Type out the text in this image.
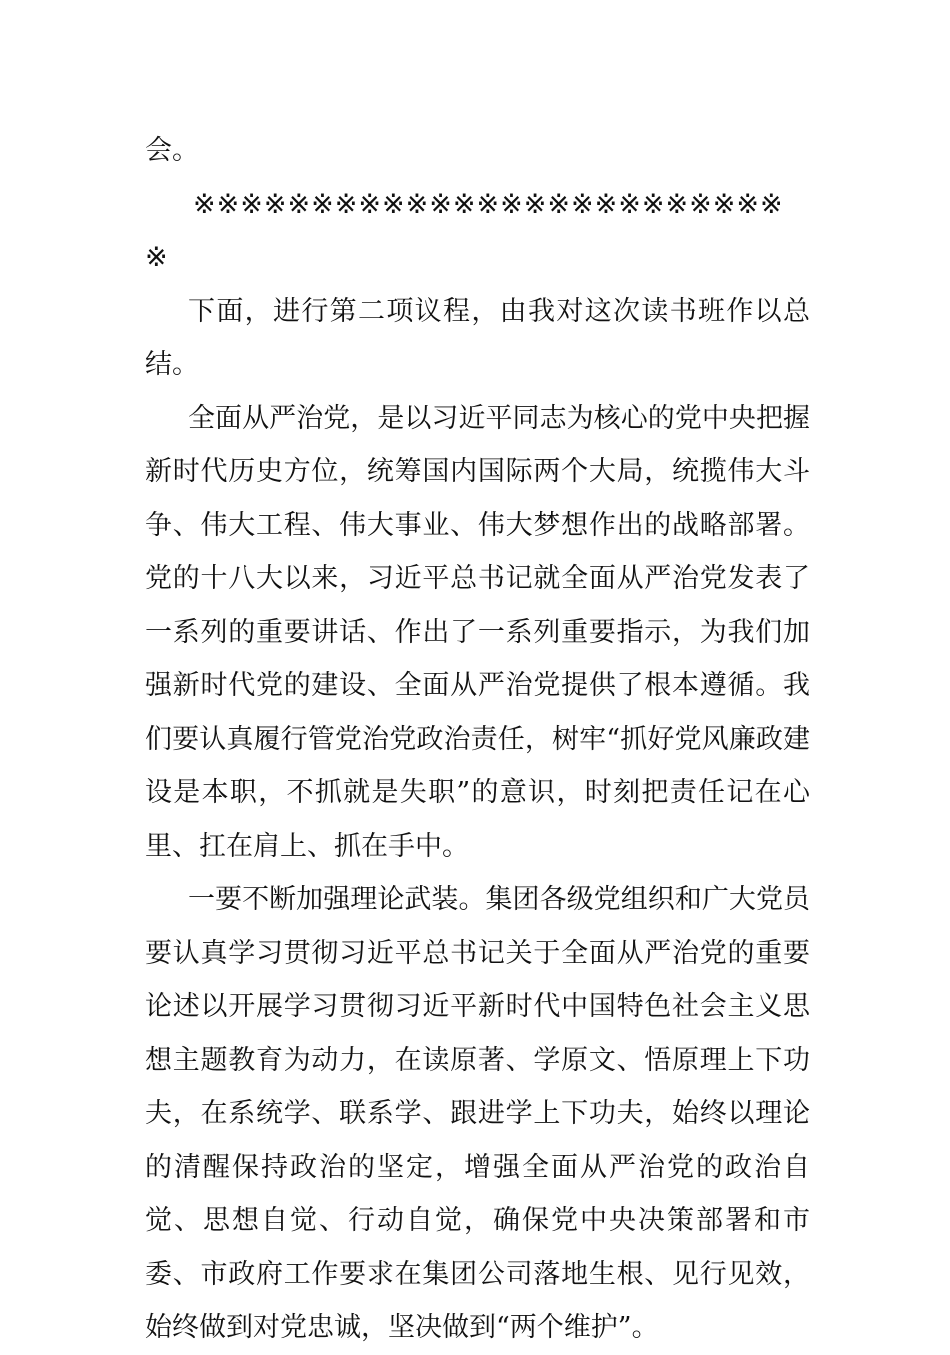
会。

※※※※※※※※※※※※※※※※※※※※※※※※※
※

下面，进行第二项议程，由我对这次读书班作以总结。

全面从严治党，是以习近平同志为核心的党中央把握新时代历史方位，统筹国内国际两个大局，统揽伟大斗争、伟大工程、伟大事业、伟大梦想作出的战略部署。党的十八大以来，习近平总书记就全面从严治党发表了一系列的重要讲话、作出了一系列重要指示，为我们加强新时代党的建设、全面从严治党提供了根本遵循。我们要认真履行管党治党政治责任，树牢“抓好党风廉政建设是本职，不抓就是失职”的意识，时刻把责任记在心里、扛在肩上、抓在手中。

一要不断加强理论武装。集团各级党组织和广大党员要认真学习贯彻习近平总书记关于全面从严治党的重要论述以开展学习贯彻习近平新时代中国特色社会主义思想主题教育为动力，在读原著、学原文、悟原理上下功夫，在系统学、联系学、跟进学上下功夫，始终以理论的清醒保持政治的坚定，增强全面从严治党的政治自觉、思想自觉、行动自觉，确保党中央决策部署和市委、市政府工作要求在集团公司落地生根、见行见效，始终做到对党忠诚，坚决做到“两个维护”。
